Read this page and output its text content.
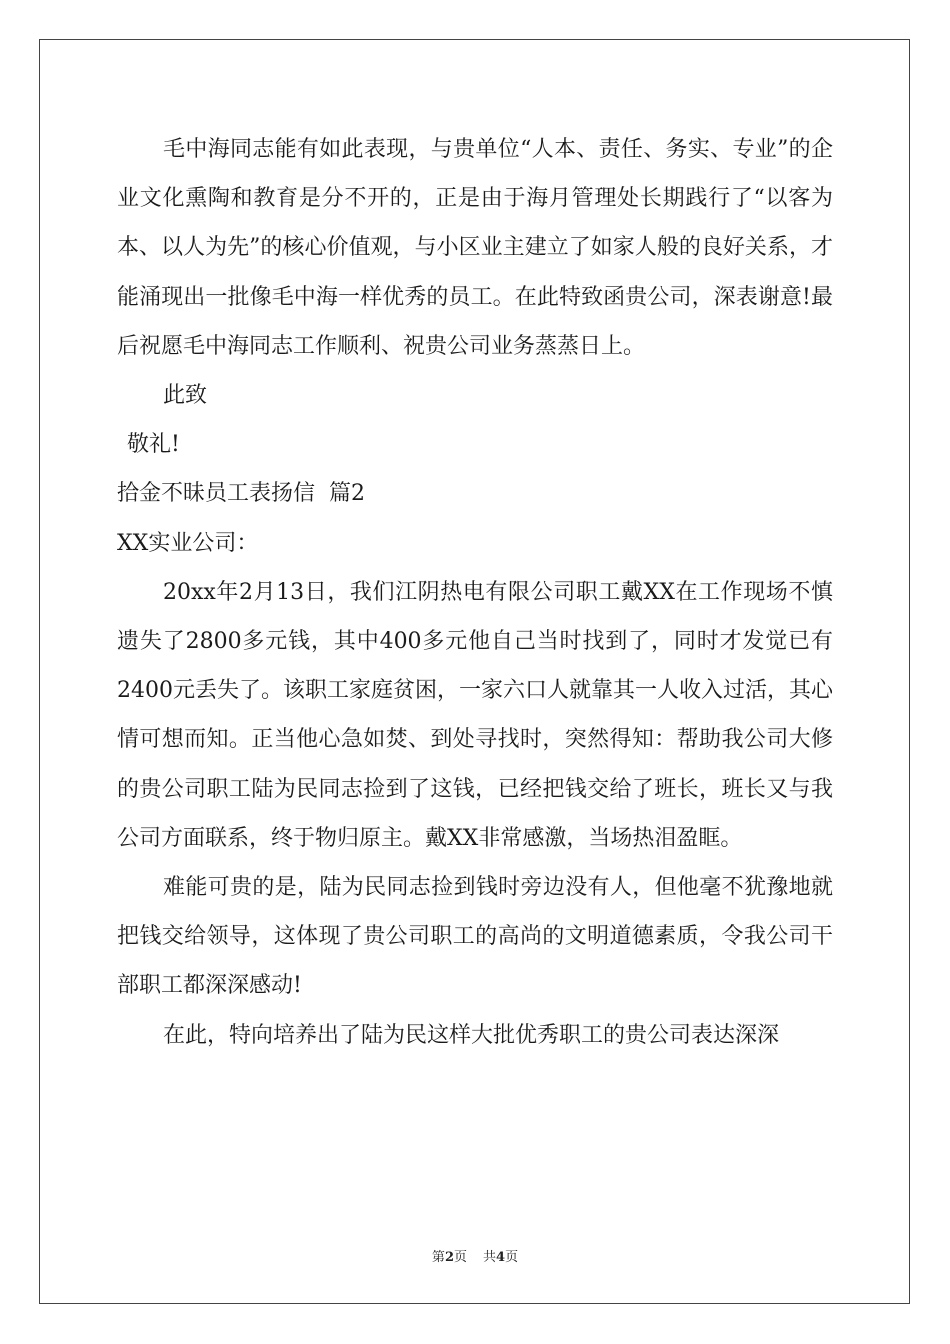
毛中海同志能有如此表现，与贵单位“人本、责任、务实、专业”的企业文化熏陶和教育是分不开的，正是由于海月管理处长期践行了“以客为本、以人为先”的核心价值观，与小区业主建立了如家人般的良好关系，才能涌现出一批像毛中海一样优秀的员工。在此特致函贵公司，深表谢意!最后祝愿毛中海同志工作顺利、祝贵公司业务蒸蒸日上。

此致

敬礼!

拾金不昧员工表扬信  篇2

XX实业公司：

20xx年2月13日，我们江阴热电有限公司职工戴XX在工作现场不慎遗失了2800多元钱，其中400多元他自己当时找到了，同时才发觉已有2400元丢失了。该职工家庭贫困，一家六口人就靠其一人收入过活，其心情可想而知。正当他心急如焚、到处寻找时，突然得知：帮助我公司大修的贵公司职工陆为民同志捡到了这钱，已经把钱交给了班长，班长又与我公司方面联系，终于物归原主。戴XX非常感激，当场热泪盈眶。

难能可贵的是，陆为民同志捡到钱时旁边没有人，但他毫不犹豫地就把钱交给领导，这体现了贵公司职工的高尚的文明道德素质，令我公司干部职工都深深感动!

在此，特向培养出了陆为民这样大批优秀职工的贵公司表达深深

第2页 共4页
